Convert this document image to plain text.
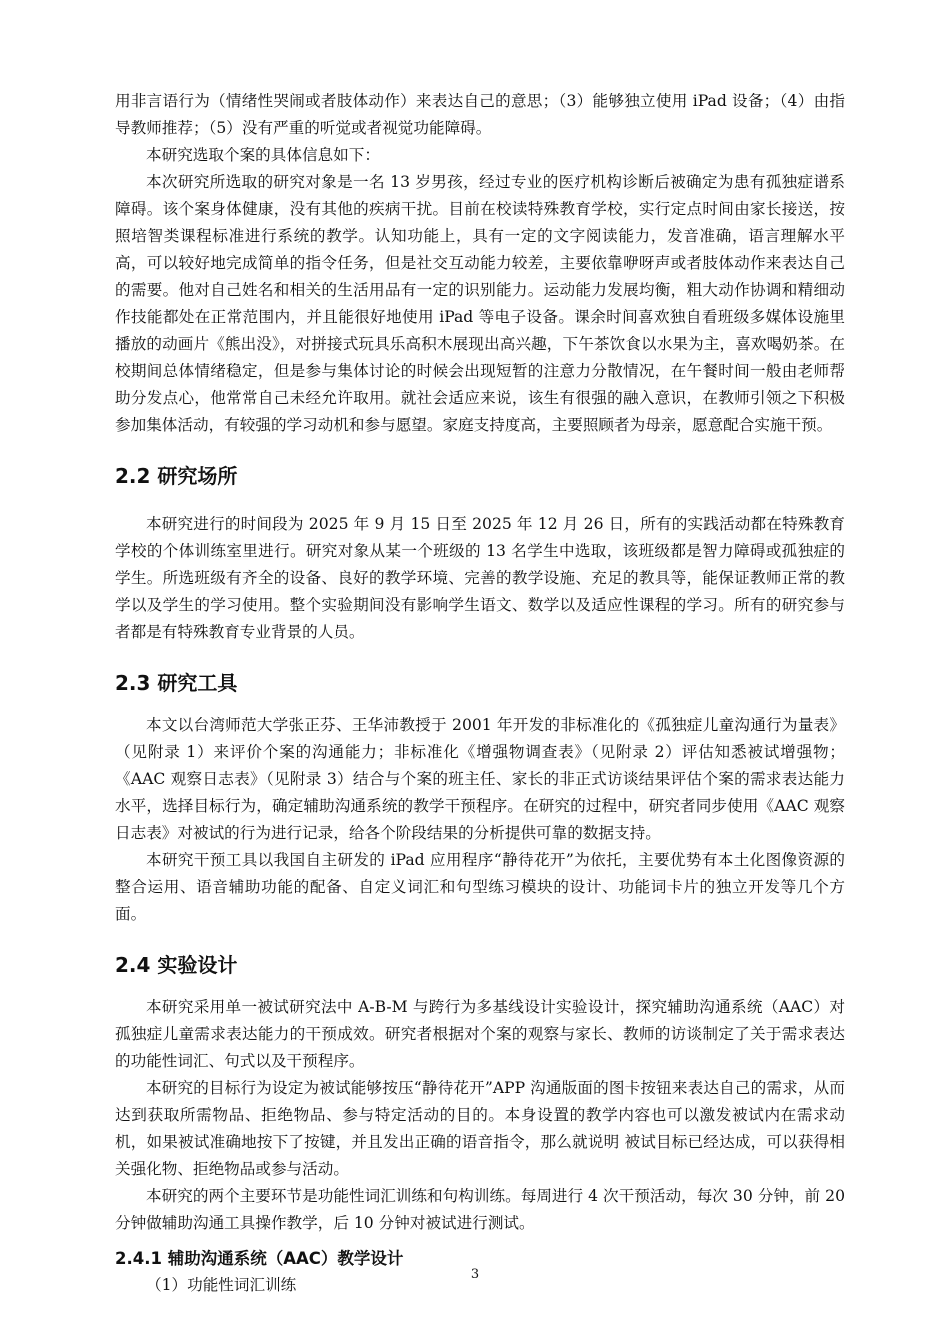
用非言语行为（情绪性哭闹或者肢体动作）来表达自己的意思；（3）能够独立使用 iPad 设备；（4）由指导教师推荐；（5）没有严重的听觉或者视觉功能障碍。

本研究选取个案的具体信息如下：

本次研究所选取的研究对象是一名 13 岁男孩，经过专业的医疗机构诊断后被确定为患有孤独症谱系障碍。该个案身体健康，没有其他的疾病干扰。目前在校读特殊教育学校，实行定点时间由家长接送，按照培智类课程标准进行系统的教学。认知功能上，具有一定的文字阅读能力，发音准确，语言理解水平高，可以较好地完成简单的指令任务，但是社交互动能力较差，主要依靠咿呀声或者肢体动作来表达自己的需要。他对自己姓名和相关的生活用品有一定的识别能力。运动能力发展均衡，粗大动作协调和精细动作技能都处在正常范围内，并且能很好地使用 iPad 等电子设备。课余时间喜欢独自看班级多媒体设施里播放的动画片《熊出没》，对拼接式玩具乐高积木展现出高兴趣，下午茶饮食以水果为主，喜欢喝奶茶。在校期间总体情绪稳定，但是参与集体讨论的时候会出现短暂的注意力分散情况，在午餐时间一般由老师帮助分发点心，他常常自己未经允许取用。就社会适应来说，该生有很强的融入意识，在教师引领之下积极参加集体活动，有较强的学习动机和参与愿望。家庭支持度高，主要照顾者为母亲，愿意配合实施干预。

2.2 研究场所

本研究进行的时间段为 2025 年 9 月 15 日至 2025 年 12 月 26 日，所有的实践活动都在特殊教育学校的个体训练室里进行。研究对象从某一个班级的 13 名学生中选取，该班级都是智力障碍或孤独症的学生。所选班级有齐全的设备、良好的教学环境、完善的教学设施、充足的教具等，能保证教师正常的教学以及学生的学习使用。整个实验期间没有影响学生语文、数学以及适应性课程的学习。所有的研究参与者都是有特殊教育专业背景的人员。

2.3 研究工具

本文以台湾师范大学张正芬、王华沛教授于 2001 年开发的非标准化的《孤独症儿童沟通行为量表》（见附录 1）来评价个案的沟通能力；非标准化《增强物调查表》（见附录 2）评估知悉被试增强物；《AAC 观察日志表》（见附录 3）结合与个案的班主任、家长的非正式访谈结果评估个案的需求表达能力水平，选择目标行为，确定辅助沟通系统的教学干预程序。在研究的过程中，研究者同步使用《AAC 观察日志表》对被试的行为进行记录，给各个阶段结果的分析提供可靠的数据支持。

本研究干预工具以我国自主研发的 iPad 应用程序“静待花开”为依托，主要优势有本土化图像资源的整合运用、语音辅助功能的配备、自定义词汇和句型练习模块的设计、功能词卡片的独立开发等几个方面。

2.4 实验设计

本研究采用单一被试研究法中 A-B-M 与跨行为多基线设计实验设计，探究辅助沟通系统（AAC）对孤独症儿童需求表达能力的干预成效。研究者根据对个案的观察与家长、教师的访谈制定了关于需求表达的功能性词汇、句式以及干预程序。

本研究的目标行为设定为被试能够按压“静待花开”APP 沟通版面的图卡按钮来表达自己的需求，从而达到获取所需物品、拒绝物品、参与特定活动的目的。本身设置的教学内容也可以激发被试内在需求动机，如果被试准确地按下了按键，并且发出正确的语音指令，那么就说明 被试目标已经达成，可以获得相关强化物、拒绝物品或参与活动。

本研究的两个主要环节是功能性词汇训练和句构训练。每周进行 4 次干预活动，每次 30 分钟，前 20 分钟做辅助沟通工具操作教学，后 10 分钟对被试进行测试。

2.4.1 辅助沟通系统（AAC）教学设计

（1）功能性词汇训练

3
